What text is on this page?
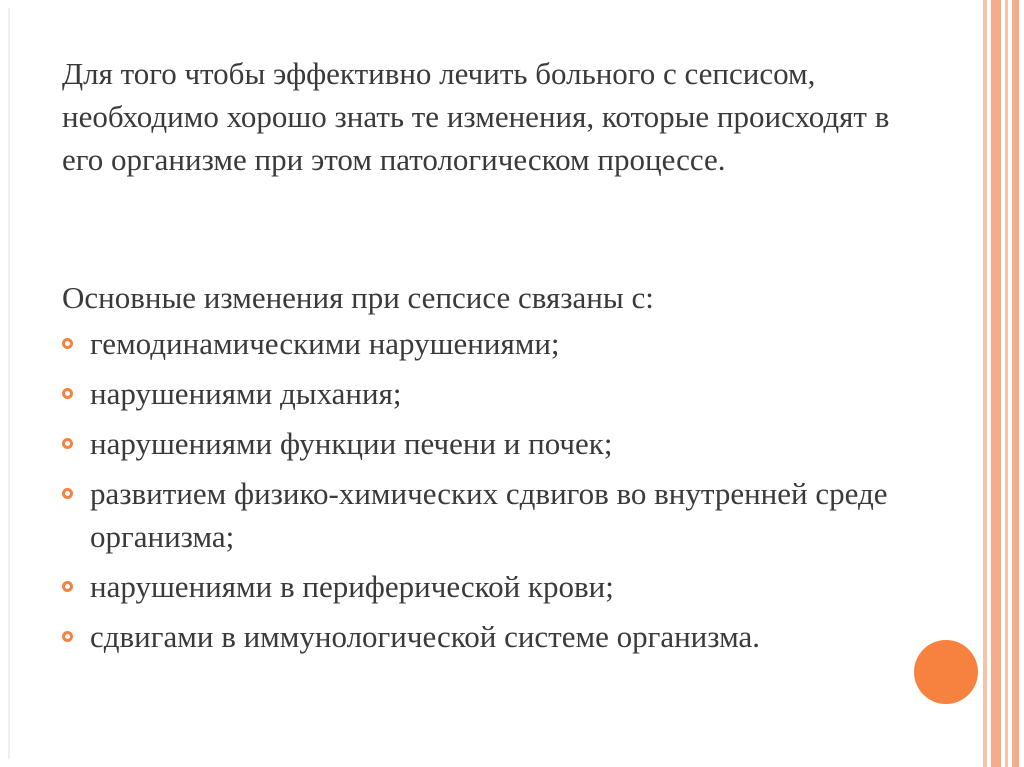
Для того чтобы эффективно лечить больного с сепсисом, необходимо хорошо знать те изменения, которые происходят в его организме при этом патологическом процессе.

Основные изменения при сепсисе связаны с:

гемодинамическими нарушениями;
нарушениями дыхания;
нарушениями функции печени и почек;
развитием физико-химических сдвигов во внутренней среде организма;
нарушениями в периферической крови;
сдвигами в иммунологической системе организма.
